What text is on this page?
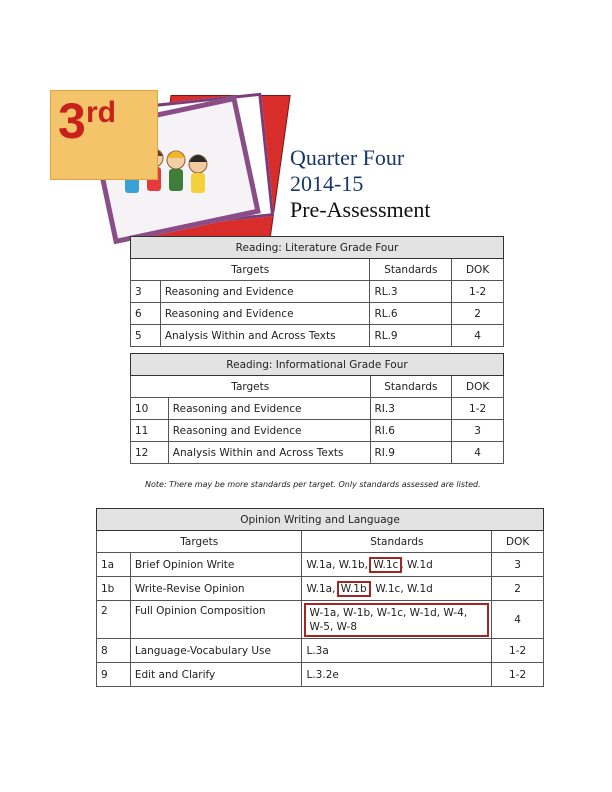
3 rd
Quarter Four
2014-15
Pre-Assessment
Reading: Literature Grade Four			
Targets		Standards	DOK
3	Reasoning and Evidence	RL.3	1-2
6	Reasoning and Evidence	RL.6	2
5	Analysis Within and Across Texts	RL.9	4
Reading: Informational Grade Four			
Targets		Standards	DOK
10	Reasoning and Evidence	RI.3	1-2
11	Reasoning and Evidence	RI.6	3
12	Analysis Within and Across Texts	RI.9	4
Note: There may be more standards per target. Only standards assessed are listed.
Opinion Writing and Language			
Targets		Standards	DOK
1a	Brief Opinion Write	W.1a, W.1b, W.1c , W.1d	3
1b	Write-Revise Opinion	W.1a, W.1b , W.1c, W.1d	2
2	Full Opinion Composition	W-1a, W-1b, W-1c, W-1d, W-4,
W-5, W-8	4
8	Language-Vocabulary Use	L.3a	1-2
9	Edit and Clarify	L.3.2e	1-2
